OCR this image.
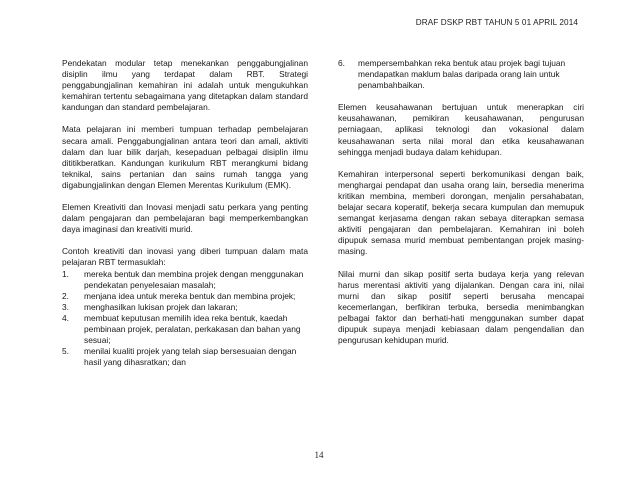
DRAF DSKP RBT TAHUN 5 01 APRIL 2014

Pendekatan modular tetap menekankan penggabungjalinan disiplin ilmu yang terdapat dalam RBT. Strategi penggabungjalinan kemahiran ini adalah untuk mengukuhkan kemahiran tertentu sebagaimana yang ditetapkan dalam standard kandungan dan standard pembelajaran.

Mata pelajaran ini memberi tumpuan terhadap pembelajaran secara amali. Penggabungjalinan antara teori dan amali, aktiviti dalam dan luar bilik darjah, kesepaduan pelbagai disiplin ilmu dititikberatkan. Kandungan kurikulum RBT merangkumi bidang teknikal, sains pertanian dan sains rumah tangga yang digabungjalinkan dengan Elemen Merentas Kurikulum (EMK).

Elemen Kreativiti dan Inovasi menjadi satu perkara yang penting dalam pengajaran dan pembelajaran bagi memperkembangkan daya imaginasi dan kreativiti murid.

Contoh kreativiti dan inovasi yang diberi tumpuan dalam mata pelajaran RBT termasuklah:

1.	mereka bentuk dan membina projek dengan menggunakan pendekatan penyelesaian masalah;
2.	menjana idea untuk mereka bentuk dan membina projek;
3.	menghasilkan lukisan projek dan lakaran;
4.	membuat keputusan memilih idea reka bentuk, kaedah pembinaan projek, peralatan, perkakasan dan bahan yang sesuai;
5.	menilai kualiti projek yang telah siap bersesuaian dengan hasil yang dihasratkan; dan
6.	mempersembahkan reka bentuk atau projek bagi tujuan mendapatkan maklum balas daripada orang lain untuk penambahbaikan.

Elemen keusahawanan bertujuan untuk menerapkan ciri keusahawanan, pemikiran keusahawanan, pengurusan perniagaan, aplikasi teknologi dan vokasional dalam keusahawanan serta nilai moral dan etika keusahawanan sehingga menjadi budaya dalam kehidupan.

Kemahiran interpersonal seperti berkomunikasi dengan baik, menghargai pendapat dan usaha orang lain, bersedia menerima kritikan membina, memberi dorongan, menjalin persahabatan, belajar secara koperatif, bekerja secara kumpulan dan memupuk semangat kerjasama dengan rakan sebaya diterapkan semasa aktiviti pengajaran dan pembelajaran. Kemahiran ini boleh dipupuk semasa murid membuat pembentangan projek masing-masing.

Nilai murni dan sikap positif serta budaya kerja yang relevan harus merentasi aktiviti yang dijalankan. Dengan cara ini, nilai murni dan sikap positif seperti berusaha mencapai kecemerlangan, berfikiran terbuka, bersedia menimbangkan pelbagai faktor dan berhati-hati menggunakan sumber dapat dipupuk supaya menjadi kebiasaan dalam pengendalian dan pengurusan kehidupan murid.

14
